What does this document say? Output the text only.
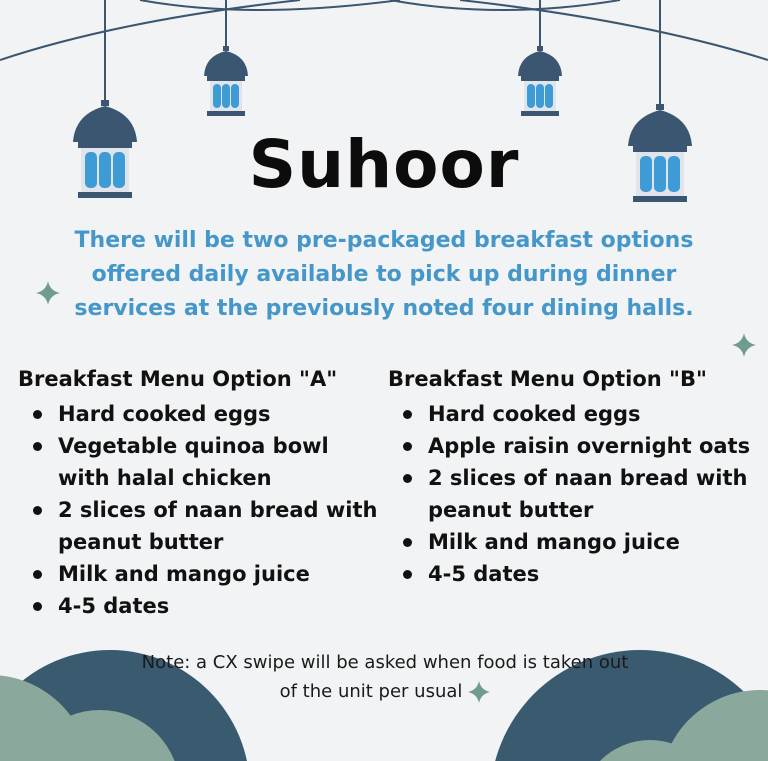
Suhoor

There will be two pre-packaged breakfast options offered daily available to pick up during dinner services at the previously noted four dining halls.

Breakfast Menu Option "A"
Hard cooked eggs
Vegetable quinoa bowl with halal chicken
2 slices of naan bread with peanut butter
Milk and mango juice
4-5 dates
Breakfast Menu Option "B"
Hard cooked eggs
Apple raisin overnight oats
2 slices of naan bread with peanut butter
Milk and mango juice
4-5 dates

Note: a CX swipe will be asked when food is taken out of the unit per usual
